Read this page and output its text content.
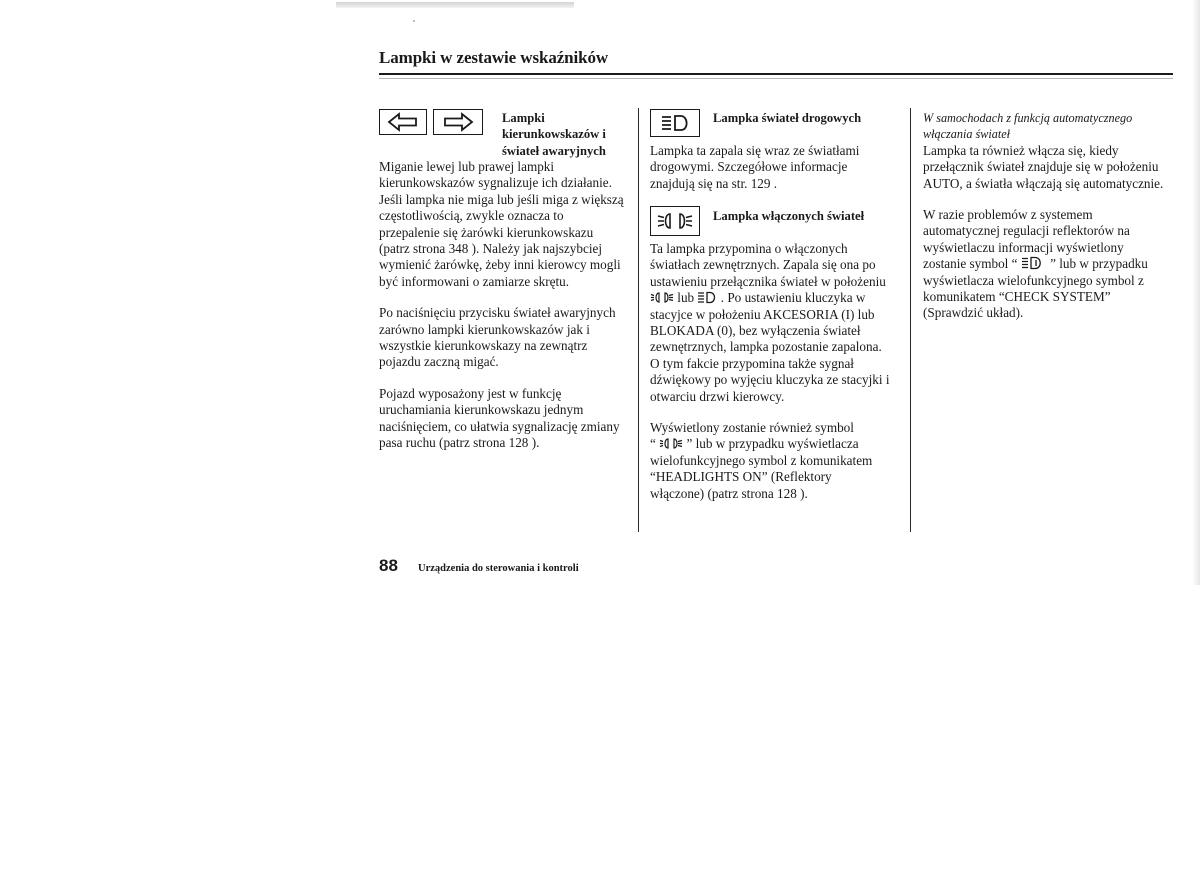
Lampki w zestawie wskaźników
Lampki
kierunkowskazów i
świateł awaryjnych

Miganie lewej lub prawej lampki
kierunkowskazów sygnalizuje ich działanie.
Jeśli lampka nie miga lub jeśli miga z większą
częstotliwością, zwykle oznacza to
przepalenie się żarówki kierunkowskazu
(patrz strona 348 ). Należy jak najszybciej
wymienić żarówkę, żeby inni kierowcy mogli
być informowani o zamiarze skrętu.

Po naciśnięciu przycisku świateł awaryjnych
zarówno lampki kierunkowskazów jak i
wszystkie kierunkowskazy na zewnątrz
pojazdu zaczną migać.

Pojazd wyposażony jest w funkcję
uruchamiania kierunkowskazu jednym
naciśnięciem, co ułatwia sygnalizację zmiany
pasa ruchu (patrz strona 128 ).

Lampka świateł drogowych
Lampka ta zapala się wraz ze światłami
drogowymi. Szczegółowe informacje
znajdują się na str. 129 .
Lampka włączonych świateł

Ta lampka przypomina o włączonych
światłach zewnętrznych. Zapala się ona po
ustawieniu przełącznika świateł w położeniu
lub . Po ustawieniu kluczyka w
stacyjce w położeniu AKCESORIA (I) lub
BLOKADA (0), bez wyłączenia świateł
zewnętrznych, lampka pozostanie zapalona.
O tym fakcie przypomina także sygnał
dźwiękowy po wyjęciu kluczyka ze stacyjki i
otwarciu drzwi kierowcy.

Wyświetlony zostanie również symbol
“ ” lub w przypadku wyświetlacza
wielofunkcyjnego symbol z komunikatem
“HEADLIGHTS ON” (Reflektory
włączone) (patrz strona 128 ).

W samochodach z funkcją automatycznego
włączania świateł

Lampka ta również włącza się, kiedy
przełącznik świateł znajduje się w położeniu
AUTO, a światła włączają się automatycznie.

W razie problemów z systemem
automatycznej regulacji reflektorów na
wyświetlaczu informacji wyświetlony
zostanie symbol “ ” lub w przypadku
wyświetlacza wielofunkcyjnego symbol z
komunikatem “CHECK SYSTEM”
(Sprawdzić układ).

88 Urządzenia do sterowania i kontroli
